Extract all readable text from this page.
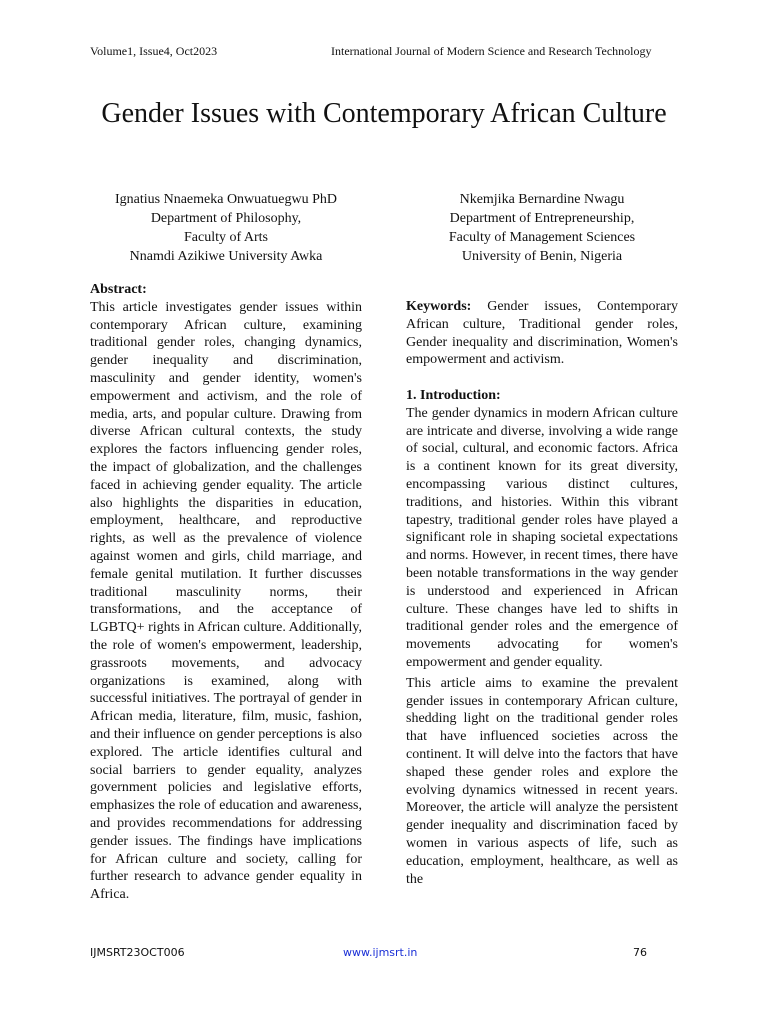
Volume1, Issue4, Oct2023	International Journal of Modern Science and Research Technology
Gender Issues with Contemporary African Culture
Ignatius Nnaemeka Onwuatuegwu PhD
Department of Philosophy,
Faculty of Arts
Nnamdi Azikiwe University Awka
Nkemjika Bernardine Nwagu
Department of Entrepreneurship,
Faculty of Management Sciences
University of Benin, Nigeria
Abstract:

This article investigates gender issues within contemporary African culture, examining traditional gender roles, changing dynamics, gender inequality and discrimination, masculinity and gender identity, women's empowerment and activism, and the role of media, arts, and popular culture. Drawing from diverse African cultural contexts, the study explores the factors influencing gender roles, the impact of globalization, and the challenges faced in achieving gender equality. The article also highlights the disparities in education, employment, healthcare, and reproductive rights, as well as the prevalence of violence against women and girls, child marriage, and female genital mutilation. It further discusses traditional masculinity norms, their transformations, and the acceptance of LGBTQ+ rights in African culture. Additionally, the role of women's empowerment, leadership, grassroots movements, and advocacy organizations is examined, along with successful initiatives. The portrayal of gender in African media, literature, film, music, fashion, and their influence on gender perceptions is also explored. The article identifies cultural and social barriers to gender equality, analyzes government policies and legislative efforts, emphasizes the role of education and awareness, and provides recommendations for addressing gender issues. The findings have implications for African culture and society, calling for further research to advance gender equality in Africa.

Keywords: Gender issues, Contemporary African culture, Traditional gender roles, Gender inequality and discrimination, Women's empowerment and activism.

1. Introduction:

The gender dynamics in modern African culture are intricate and diverse, involving a wide range of social, cultural, and economic factors. Africa is a continent known for its great diversity, encompassing various distinct cultures, traditions, and histories. Within this vibrant tapestry, traditional gender roles have played a significant role in shaping societal expectations and norms. However, in recent times, there have been notable transformations in the way gender is understood and experienced in African culture. These changes have led to shifts in traditional gender roles and the emergence of movements advocating for women's empowerment and gender equality.

This article aims to examine the prevalent gender issues in contemporary African culture, shedding light on the traditional gender roles that have influenced societies across the continent. It will delve into the factors that have shaped these gender roles and explore the evolving dynamics witnessed in recent years. Moreover, the article will analyze the persistent gender inequality and discrimination faced by women in various aspects of life, such as education, employment, healthcare, as well as the

IJMSRT23OCT006	www.ijmsrt.in	76
